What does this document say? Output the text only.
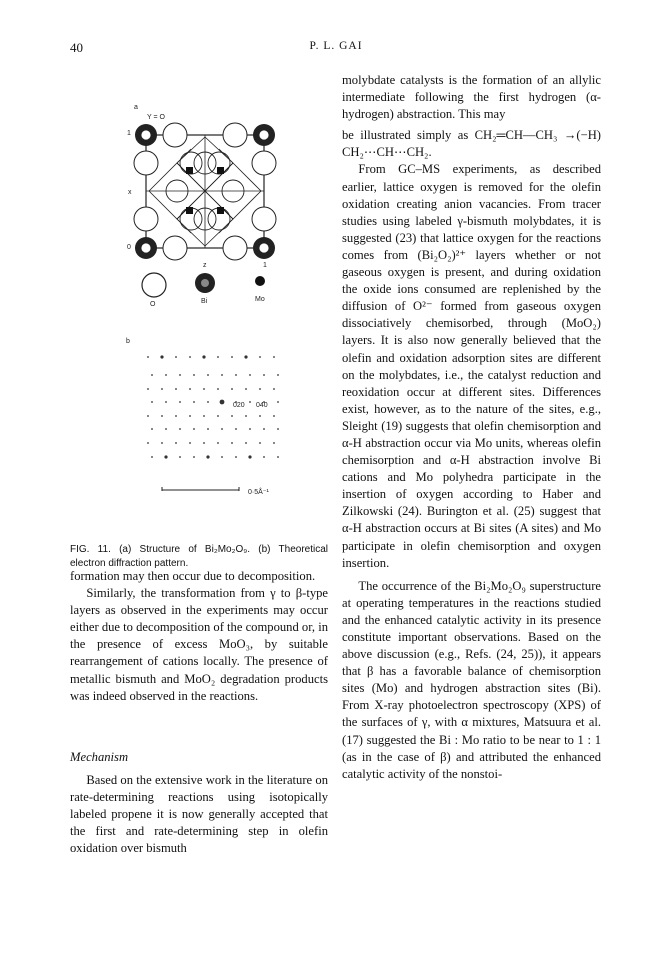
40	P. L. GAI
a
Y = O
1
x
0
z	1
O	Bi	Mo
b
020 040
0·5Å⁻¹
FIG. 11. (a) Structure of Bi₂Mo₂O₉. (b) Theoretical electron diffraction pattern.

formation may then occur due to decomposition.

Similarly, the transformation from γ to β-type layers as observed in the experiments may occur either due to decomposition of the compound or, in the presence of excess MoO₃, by suitable rearrangement of cations locally. The presence of metallic bismuth and MoO₂ degradation products was indeed observed in the reactions.

Mechanism

Based on the extensive work in the literature on rate-determining reactions using isotopically labeled propene it is now generally accepted that the first and rate-determining step in olefin oxidation over bismuth

molybdate catalysts is the formation of an allylic intermediate following the first hydrogen (α-hydrogen) abstraction. This may

be illustrated simply as CH₂═CH—CH₃ →(−H) CH₂⋯CH⋯CH₂.

From GC–MS experiments, as described earlier, lattice oxygen is removed for the olefin oxidation creating anion vacancies. From tracer studies using labeled γ-bismuth molybdates, it is suggested (23) that lattice oxygen for the reactions comes from (Bi₂O₂)²⁺ layers whether or not gaseous oxygen is present, and during oxidation the oxide ions consumed are replenished by the diffusion of O²⁻ formed from gaseous oxygen dissociatively chemisorbed, through (MoO₂) layers. It is also now generally believed that the olefin and oxidation adsorption sites are different on the molybdates, i.e., the catalyst reduction and reoxidation occur at different sites. Differences exist, however, as to the nature of the sites, e.g., Sleight (19) suggests that olefin chemisorption and α-H abstraction occur via Mo units, whereas olefin chemisorption and α-H abstraction involve Bi cations and Mo polyhedra participate in the insertion of oxygen according to Haber and Zilkowski (24). Burington et al. (25) suggest that α-H abstraction occurs at Bi sites (A sites) and Mo participate in olefin chemisorption and oxygen insertion.

The occurrence of the Bi₂Mo₂O₉ superstructure at operating temperatures in the reactions studied and the enhanced catalytic activity in its presence constitute important observations. Based on the above discussion (e.g., Refs. (24, 25)), it appears that β has a favorable balance of chemisorption sites (Mo) and hydrogen abstraction sites (Bi). From X-ray photoelectron spectroscopy (XPS) of the surfaces of γ, with α mixtures, Matsuura et al. (17) suggested the Bi : Mo ratio to be near to 1 : 1 (as in the case of β) and attributed the enhanced catalytic activity of the nonstoi-
